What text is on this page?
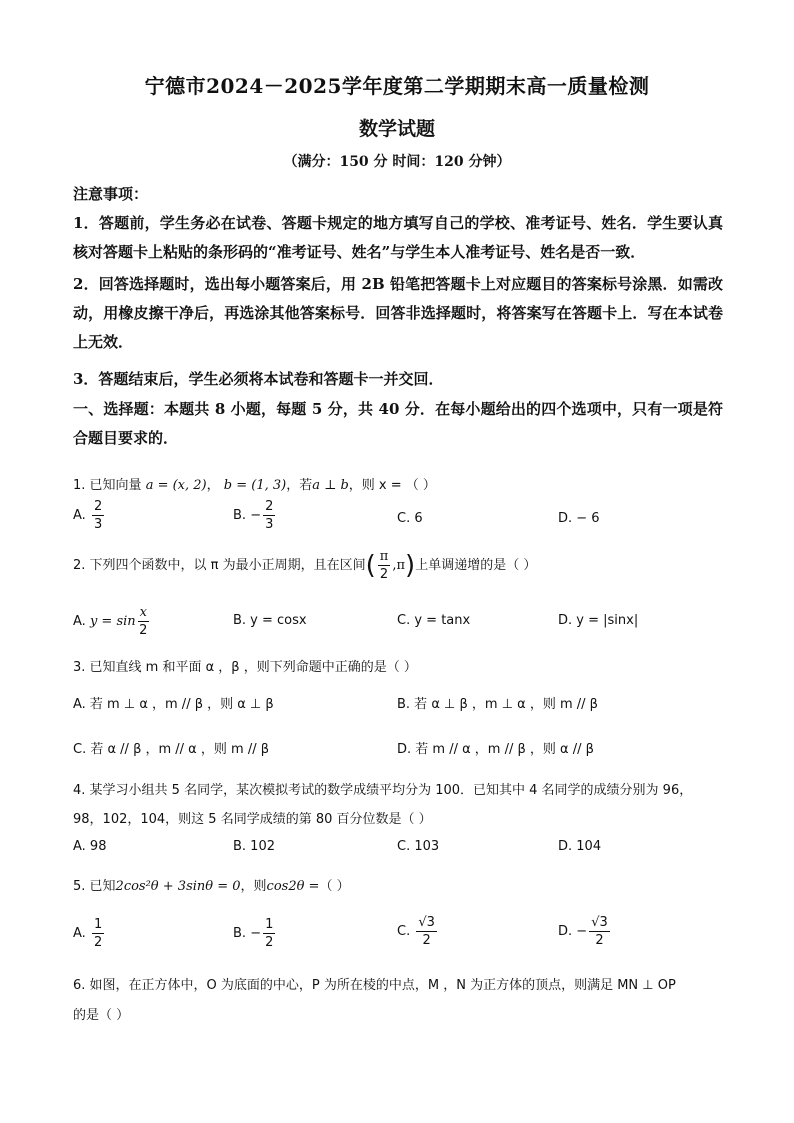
宁德市2024－2025学年度第二学期期末高一质量检测
数学试题
（满分：150 分 时间：120 分钟）
注意事项：
1．答题前，学生务必在试卷、答题卡规定的地方填写自己的学校、准考证号、姓名．学生要认真核对答题卡上粘贴的条形码的“准考证号、姓名”与学生本人准考证号、姓名是否一致．
2．回答选择题时，选出每小题答案后，用 2B 铅笔把答题卡上对应题目的答案标号涂黑．如需改动，用橡皮擦干净后，再选涂其他答案标号．回答非选择题时，将答案写在答题卡上．写在本试卷上无效．
3．答题结束后，学生必须将本试卷和答题卡一并交回．
一、选择题：本题共 8 小题，每题 5 分，共 40 分．在每小题给出的四个选项中，只有一项是符合题目要求的．
1. 已知向量 a = (x, 2)， b = (1, 3)，若a ⊥ b，则 x = （ ）
A. $\frac{2}{3}$	B. − $\frac{2}{3}$	C. 6	D. − 6
2. 下列四个函数中，以 π 为最小正周期，且在区间( $\frac{\pi}{2} ,\pi$)上单调递增的是（ ）
A. $y = \sin \frac{x}{2}$	B. y = cosx	C. y = tanx	D. y = |sinx|
3. 已知直线 m 和平面 α ，β ，则下列命题中正确的是（ ）
A. 若 m ⊥ α ，m // β ，则 α ⊥ β	B. 若 α ⊥ β ，m ⊥ α ，则 m // β
C. 若 α // β ，m // α ，则 m // β	D. 若 m // α ，m // β ，则 α // β
4. 某学习小组共 5 名同学，某次模拟考试的数学成绩平均分为 100．已知其中 4 名同学的成绩分别为 96，
98，102，104，则这 5 名同学成绩的第 80 百分位数是（ ）
A. 98	B. 102	C. 103	D. 104
5. 已知2cos²θ + 3sinθ = 0，则cos2θ =（ ）
A. $\frac{1}{2}$	B. − $\frac{1}{2}$	C. $\frac{√3}{2}$	D. − $\frac{√3}{2}$
6. 如图，在正方体中，O 为底面的中心，P 为所在棱的中点，M ，N 为正方体的顶点，则满足 MN ⊥ OP
的是（ ）
